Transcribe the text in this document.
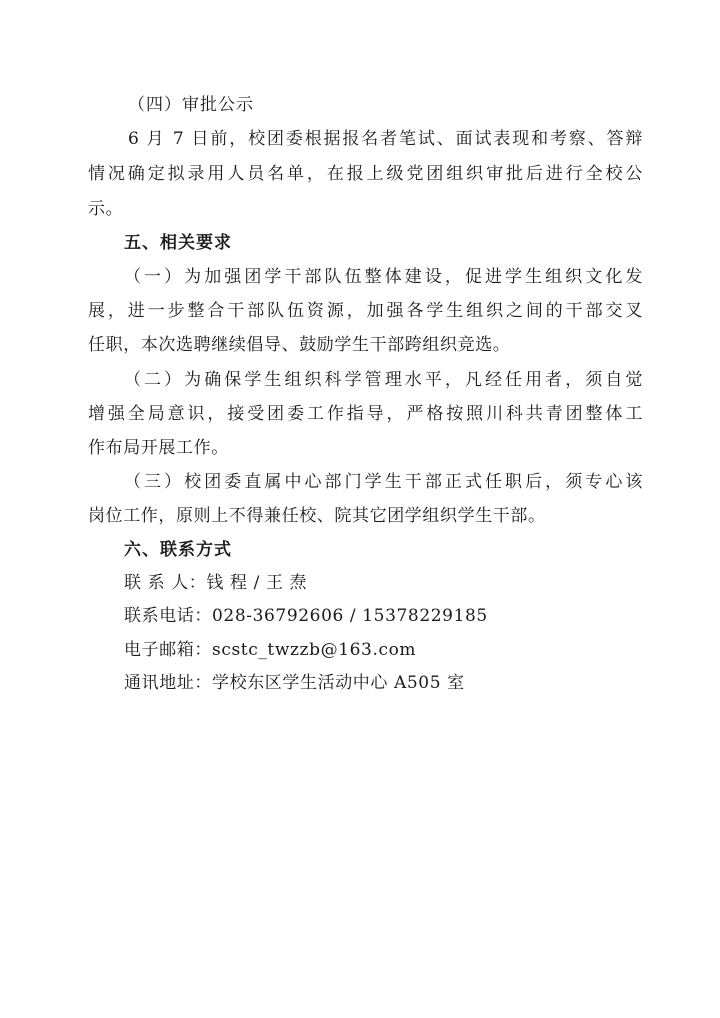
（四）审批公示
6 月 7 日前，校团委根据报名者笔试、面试表现和考察、答辩
情况确定拟录用人员名单，在报上级党团组织审批后进行全校公
示。
五、相关要求
（一）为加强团学干部队伍整体建设，促进学生组织文化发
展，进一步整合干部队伍资源，加强各学生组织之间的干部交叉
任职，本次选聘继续倡导、鼓励学生干部跨组织竞选。
（二）为确保学生组织科学管理水平，凡经任用者，须自觉
增强全局意识，接受团委工作指导，严格按照川科共青团整体工
作布局开展工作。
（三）校团委直属中心部门学生干部正式任职后，须专心该
岗位工作，原则上不得兼任校、院其它团学组织学生干部。
六、联系方式
联 系 人：钱 程 / 王 焘
联系电话：028-36792606 / 15378229185
电子邮箱：scstc_twzzb@163.com
通讯地址：学校东区学生活动中心 A505 室
